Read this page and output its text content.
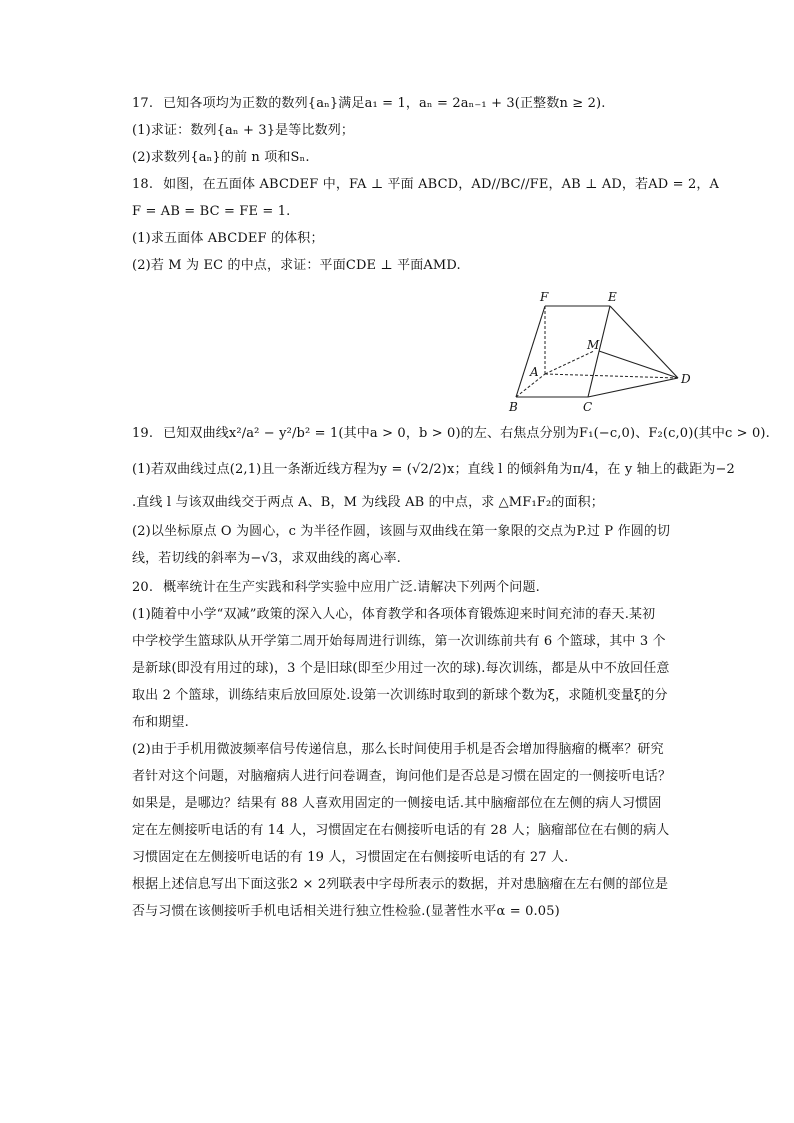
17. 已知各项均为正数的数列{aₙ}满足a₁ = 1，aₙ = 2aₙ₋₁ + 3(正整数n ≥ 2).
(1)求证：数列{aₙ + 3}是等比数列；
(2)求数列{aₙ}的前 n 项和Sₙ.
18. 如图，在五面体 ABCDEF 中，FA ⊥ 平面 ABCD，AD//BC//FE，AB ⊥ AD，若AD = 2，A
F = AB = BC = FE = 1.
(1)求五面体 ABCDEF 的体积；
(2)若 M 为 EC 的中点，求证：平面CDE ⊥ 平面AMD.
F	E
M
A	D
B	C
19. 已知双曲线x²/a² − y²/b² = 1(其中a > 0，b > 0)的左、右焦点分别为F₁(−c,0)、F₂(c,0)(其中c > 0).
(1)若双曲线过点(2,1)且一条渐近线方程为y = (√2/2)x；直线 l 的倾斜角为π/4，在 y 轴上的截距为−2
.直线 l 与该双曲线交于两点 A、B，M 为线段 AB 的中点，求 △MF₁F₂的面积；
(2)以坐标原点 O 为圆心，c 为半径作圆，该圆与双曲线在第一象限的交点为P.过 P 作圆的切
线，若切线的斜率为−√3，求双曲线的离心率.
20. 概率统计在生产实践和科学实验中应用广泛.请解决下列两个问题.
(1)随着中小学“双减”政策的深入人心，体育教学和各项体育锻炼迎来时间充沛的春天.某初
中学校学生篮球队从开学第二周开始每周进行训练，第一次训练前共有 6 个篮球，其中 3 个
是新球(即没有用过的球)，3 个是旧球(即至少用过一次的球).每次训练，都是从中不放回任意
取出 2 个篮球，训练结束后放回原处.设第一次训练时取到的新球个数为ξ，求随机变量ξ的分
布和期望.
(2)由于手机用微波频率信号传递信息，那么长时间使用手机是否会增加得脑瘤的概率？研究
者针对这个问题，对脑瘤病人进行问卷调查，询问他们是否总是习惯在固定的一侧接听电话？
如果是，是哪边？结果有 88 人喜欢用固定的一侧接电话.其中脑瘤部位在左侧的病人习惯固
定在左侧接听电话的有 14 人，习惯固定在右侧接听电话的有 28 人；脑瘤部位在右侧的病人
习惯固定在左侧接听电话的有 19 人，习惯固定在右侧接听电话的有 27 人.
根据上述信息写出下面这张2 × 2列联表中字母所表示的数据，并对患脑瘤在左右侧的部位是
否与习惯在该侧接听手机电话相关进行独立性检验.(显著性水平α = 0.05)
